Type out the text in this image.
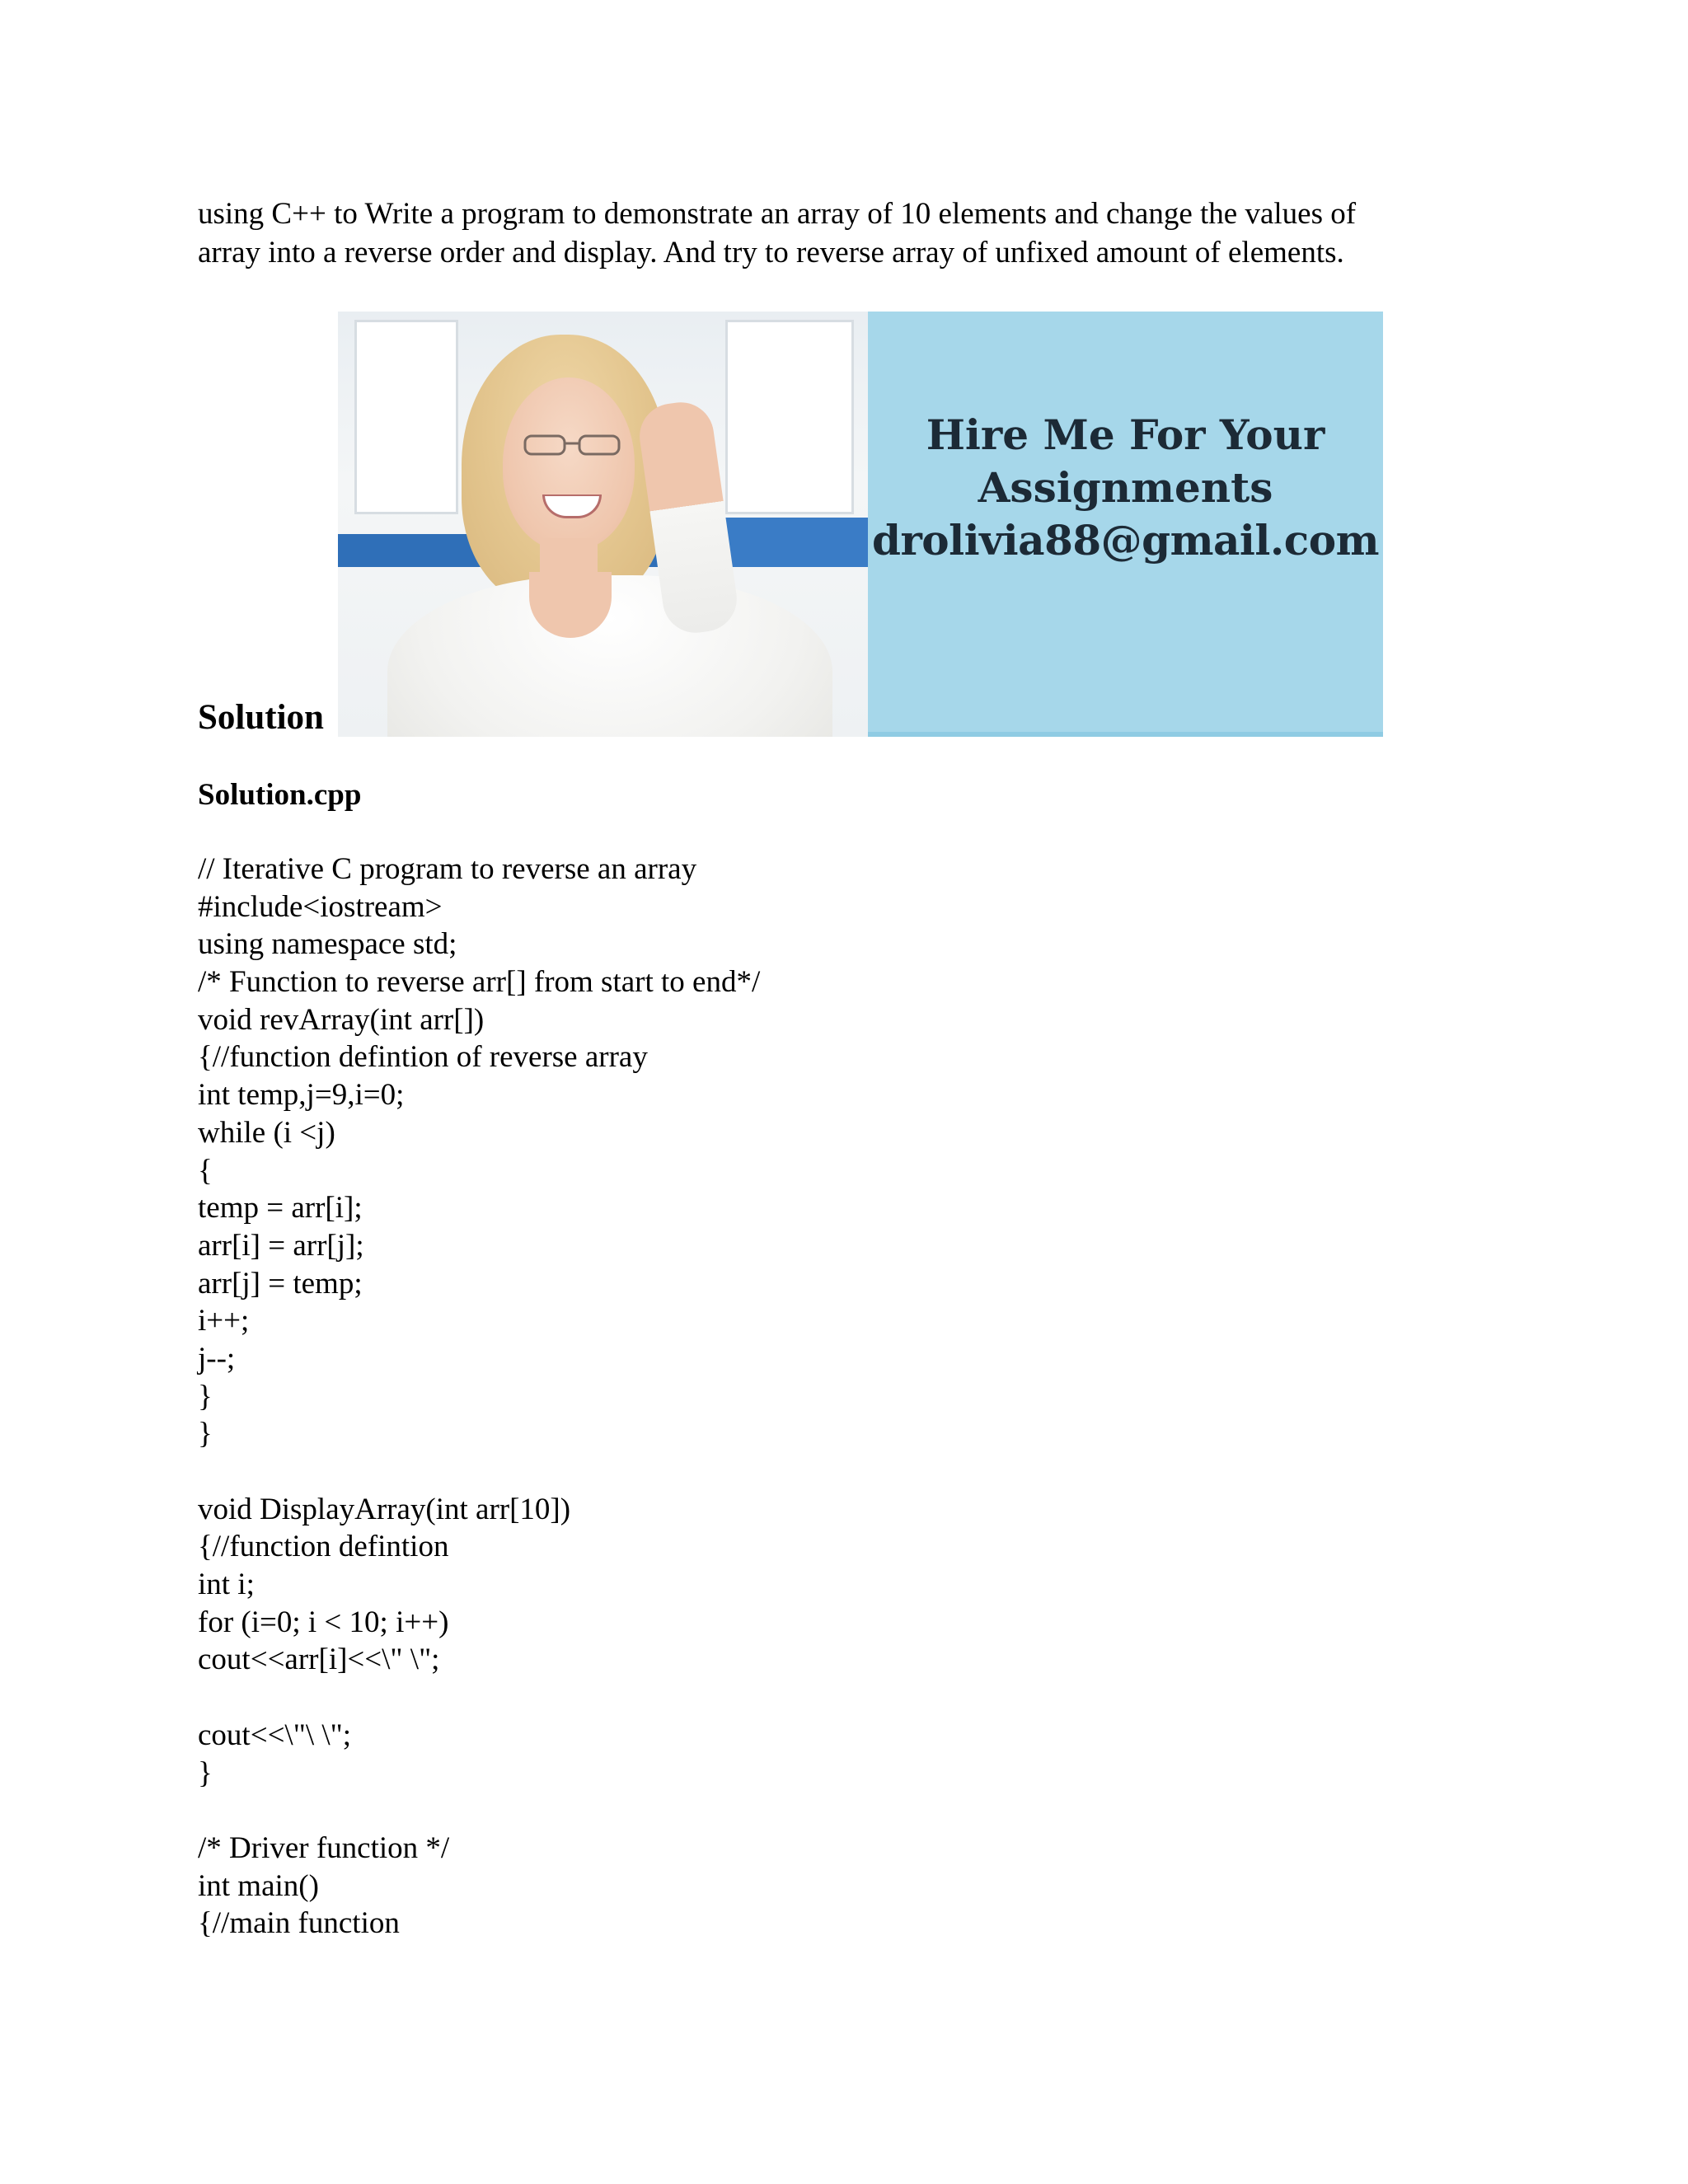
using C++ to Write a program to demonstrate an array of 10 elements and change the values of

array into a reverse order and display. And try to reverse array of unfixed amount of elements.

Hire Me For Your

Assignments

drolivia88@gmail.com

Solution
Solution.cpp
// Iterative C program to reverse an array
#include<iostream>
using namespace std;
/* Function to reverse arr[] from start to end*/
void revArray(int arr[])
{//function defintion of reverse array
int temp,j=9,i=0;
while (i <j)
{
temp = arr[i];
arr[i] = arr[j];
arr[j] = temp;
i++;
j--;
}
}
void DisplayArray(int arr[10])
{//function defintion
int i;
for (i=0; i < 10; i++)
cout<<arr[i]<<\" \";
cout<<\"\ \";
}
/* Driver function */
int main()
{//main function
